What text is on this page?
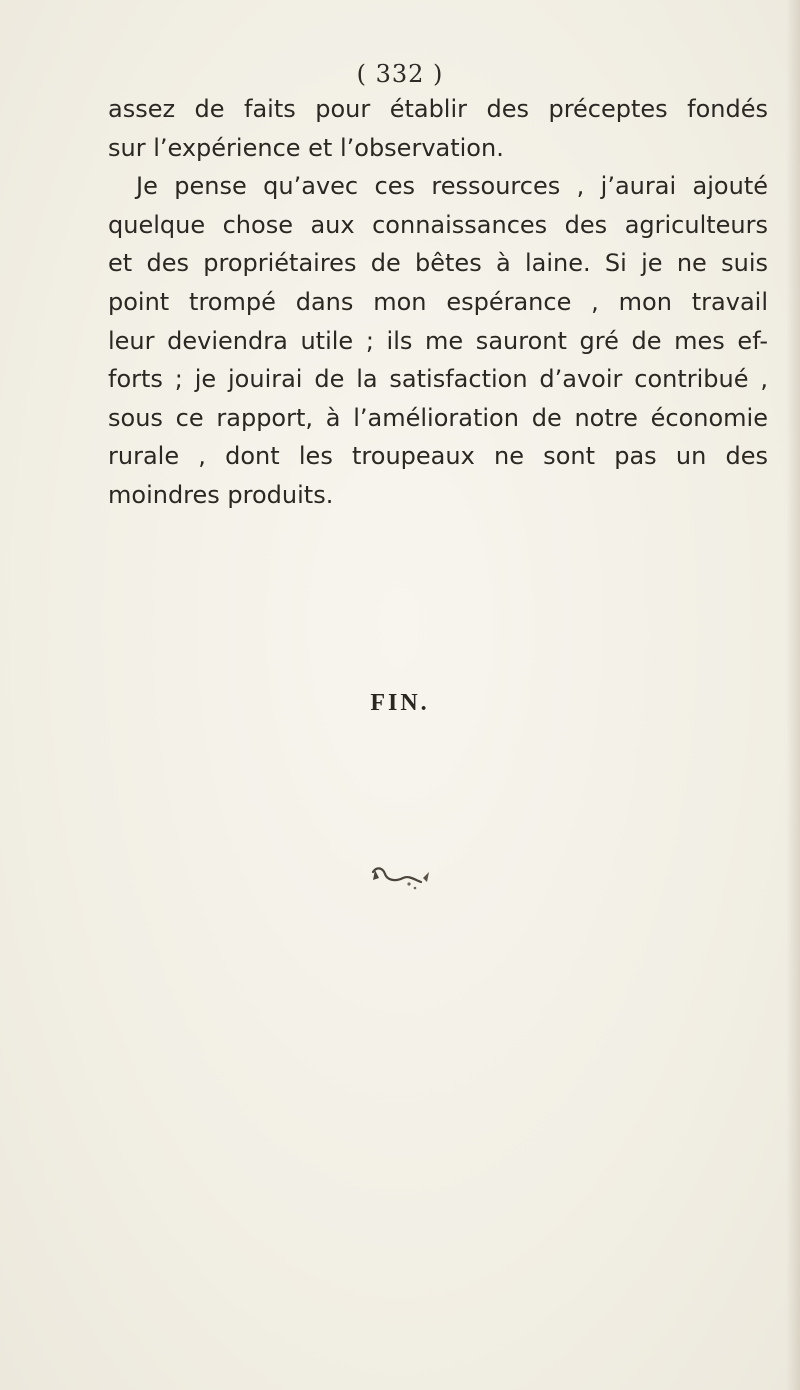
( 332 )
assez de faits pour établir des préceptes fondés
sur l’expérience et l’observation.
Je pense qu’avec ces ressources , j’aurai ajouté
quelque chose aux connaissances des agriculteurs
et des propriétaires de bêtes à laine. Si je ne suis
point trompé dans mon espérance , mon travail
leur deviendra utile ; ils me sauront gré de mes ef-
forts ; je jouirai de la satisfaction d’avoir contribué ,
sous ce rapport, à l’amélioration de notre économie
rurale , dont les troupeaux ne sont pas un des
moindres produits.
FIN.
